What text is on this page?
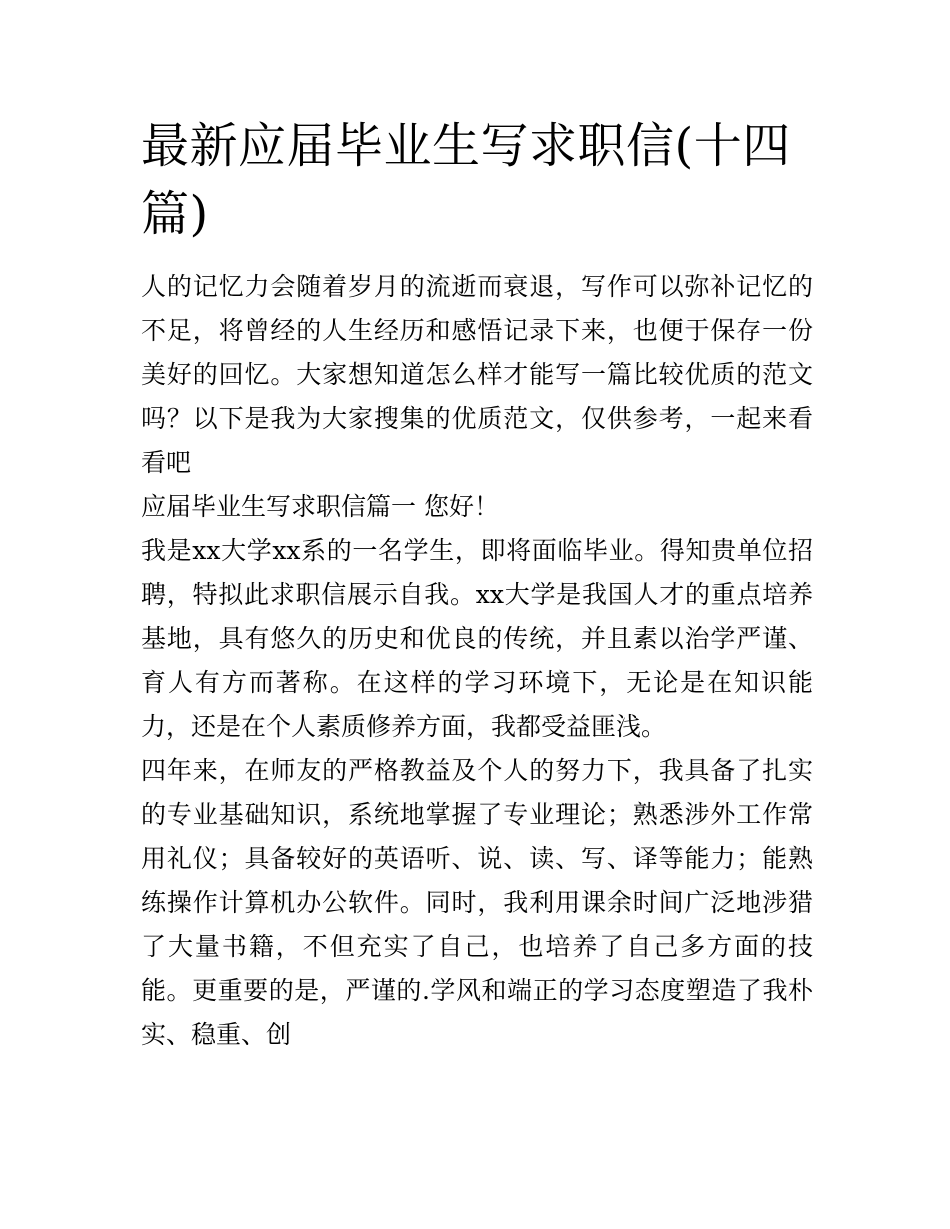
最新应届毕业生写求职信(十四篇)

人的记忆力会随着岁月的流逝而衰退，写作可以弥补记忆的不足，将曾经的人生经历和感悟记录下来，也便于保存一份美好的回忆。大家想知道怎么样才能写一篇比较优质的范文吗？以下是我为大家搜集的优质范文，仅供参考，一起来看看吧

应届毕业生写求职信篇一 您好！

我是xx大学xx系的一名学生，即将面临毕业。得知贵单位招聘，特拟此求职信展示自我。xx大学是我国人才的重点培养基地，具有悠久的历史和优良的传统，并且素以治学严谨、育人有方而著称。在这样的学习环境下，无论是在知识能力，还是在个人素质修养方面，我都受益匪浅。

四年来，在师友的严格教益及个人的努力下，我具备了扎实的专业基础知识，系统地掌握了专业理论；熟悉涉外工作常用礼仪；具备较好的英语听、说、读、写、译等能力；能熟练操作计算机办公软件。同时，我利用课余时间广泛地涉猎了大量书籍，不但充实了自己，也培养了自己多方面的技能。更重要的是，严谨的.学风和端正的学习态度塑造了我朴实、稳重、创
